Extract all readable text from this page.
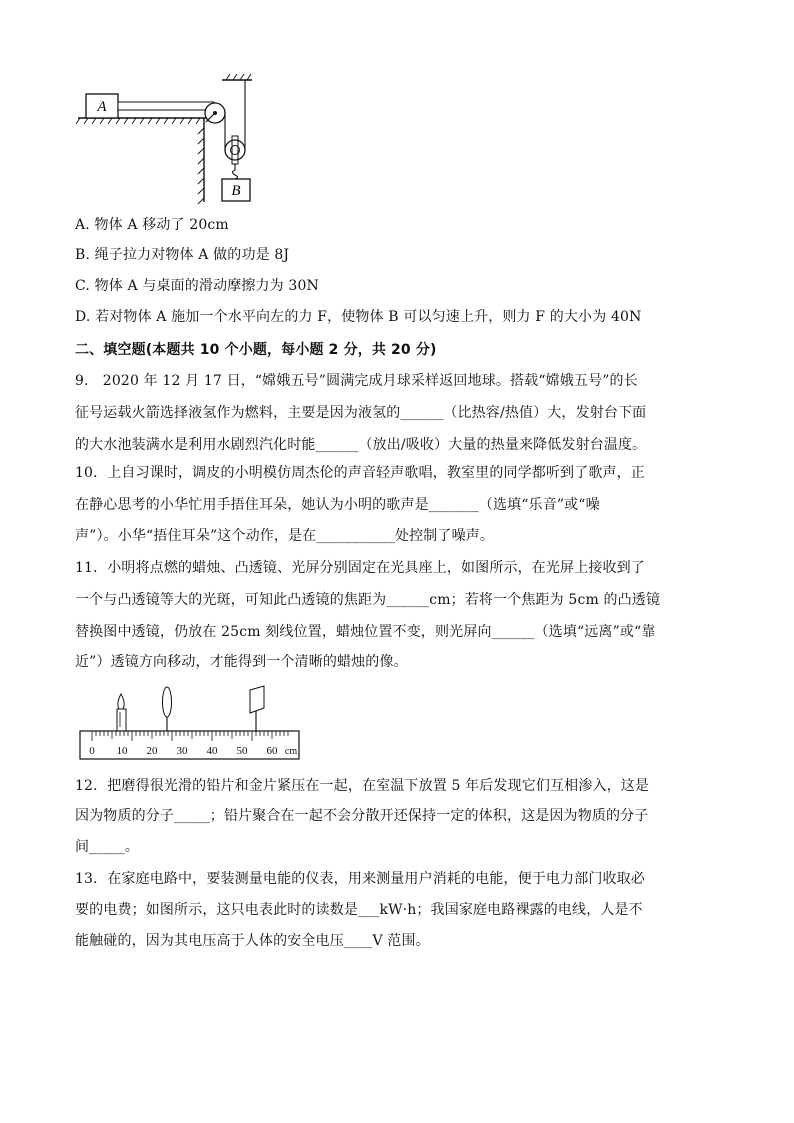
A
B
A. 物体 A 移动了 20cm
B. 绳子拉力对物体 A 做的功是 8J
C. 物体 A 与桌面的滑动摩擦力为 30N
D. 若对物体 A 施加一个水平向左的力 F，使物体 B 可以匀速上升，则力 F 的大小为 40N
二、填空题(本题共 10 个小题，每小题 2 分，共 20 分)
9.　2020 年 12 月 17 日，“嫦娥五号”圆满完成月球采样返回地球。搭载“嫦娥五号”的长
征号运载火箭选择液氢作为燃料，主要是因为液氢的______（比热容/热值）大，发射台下面
的大水池装满水是利用水剧烈汽化时能______（放出/吸收）大量的热量来降低发射台温度。
10．上自习课时，调皮的小明模仿周杰伦的声音轻声歌唱，教室里的同学都听到了歌声，正
在静心思考的小华忙用手捂住耳朵，她认为小明的歌声是_______（选填“乐音”或“噪
声”）。小华“捂住耳朵”这个动作，是在___________处控制了噪声。
11．小明将点燃的蜡烛、凸透镜、光屏分别固定在光具座上，如图所示，在光屏上接收到了
一个与凸透镜等大的光斑，可知此凸透镜的焦距为______cm；若将一个焦距为 5cm 的凸透镜
替换图中透镜，仍放在 25cm 刻线位置，蜡烛位置不变，则光屏向______（选填“远离”或“靠
近”）透镜方向移动，才能得到一个清晰的蜡烛的像。
0 10 20 30 40 50 60 cm
12．把磨得很光滑的铅片和金片紧压在一起，在室温下放置 5 年后发现它们互相渗入，这是
因为物质的分子_____；铅片聚合在一起不会分散开还保持一定的体积，这是因为物质的分子
间_____。
13．在家庭电路中，要装测量电能的仪表，用来测量用户消耗的电能，便于电力部门收取必
要的电费；如图所示，这只电表此时的读数是___kW·h；我国家庭电路裸露的电线，人是不
能触碰的，因为其电压高于人体的安全电压____V 范围。
